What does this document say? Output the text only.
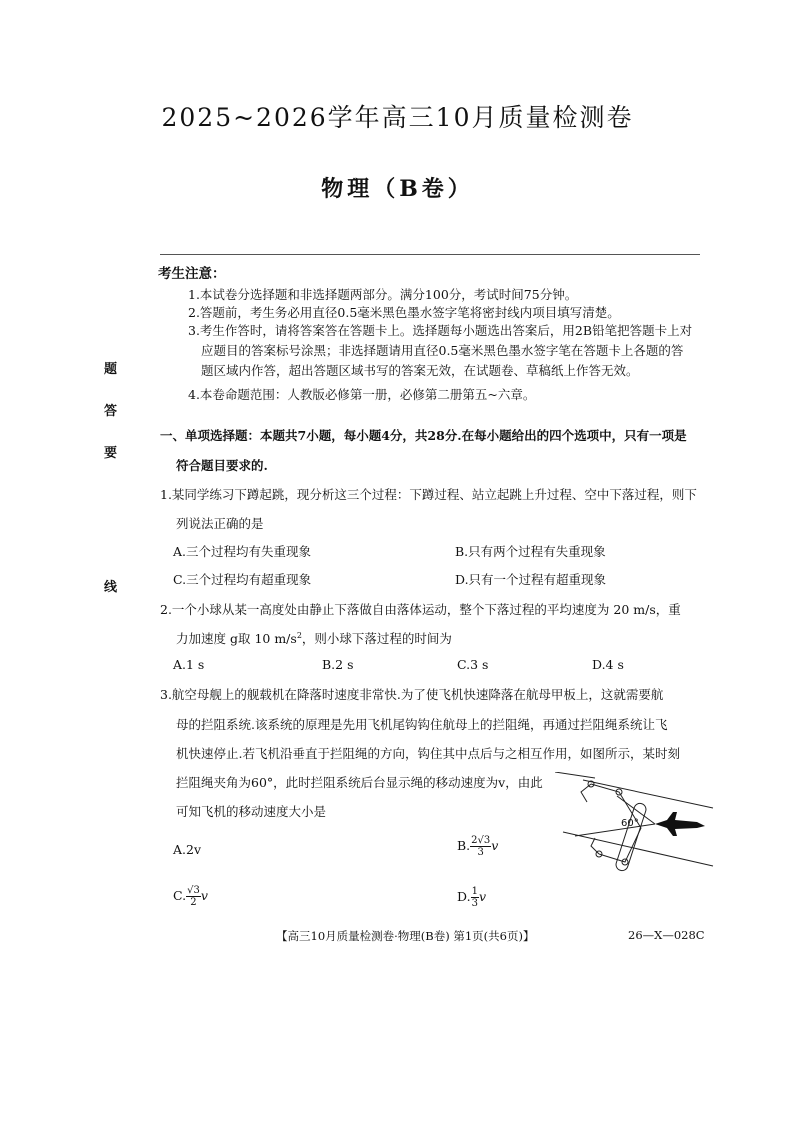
2025~2026学年高三10月质量检测卷
物理（B卷）
题
答
要
线
考生注意：
1.本试卷分选择题和非选择题两部分。满分100分，考试时间75分钟。
2.答题前，考生务必用直径0.5毫米黑色墨水签字笔将密封线内项目填写清楚。
3.考生作答时，请将答案答在答题卡上。选择题每小题选出答案后，用2B铅笔把答题卡上对
应题目的答案标号涂黑；非选择题请用直径0.5毫米黑色墨水签字笔在答题卡上各题的答
题区域内作答，超出答题区域书写的答案无效，在试题卷、草稿纸上作答无效。
4.本卷命题范围：人教版必修第一册，必修第二册第五~六章。
一、单项选择题：本题共7小题，每小题4分，共28分.在每小题给出的四个选项中，只有一项是
符合题目要求的.
1.某同学练习下蹲起跳，现分析这三个过程：下蹲过程、站立起跳上升过程、空中下落过程，则下
列说法正确的是
A.三个过程均有失重现象	B.只有两个过程有失重现象
C.三个过程均有超重现象	D.只有一个过程有超重现象
2.一个小球从某一高度处由静止下落做自由落体运动，整个下落过程的平均速度为 20 m/s，重
力加速度 g取 10 $m/s^2$，则小球下落过程的时间为
A.1 s	B.2 s	C.3 s	D.4 s
3.航空母舰上的舰载机在降落时速度非常快.为了使飞机快速降落在航母甲板上，这就需要航
母的拦阻系统.该系统的原理是先用飞机尾钩钩住航母上的拦阻绳，再通过拦阻绳系统让飞
机快速停止.若飞机沿垂直于拦阻绳的方向，钩住其中点后与之相互作用，如图所示，某时刻
拦阻绳夹角为60°，此时拦阻系统后台显示绳的移动速度为v，由此
可知飞机的移动速度大小是
A.2v	B. $\frac{2√3}{3}$ v
C. $\frac{√3}{2}$ v	D. $\frac{1}{3}$ v
60°
【高三10月质量检测卷·物理(B卷) 第1页(共6页)】	26—X—028C
